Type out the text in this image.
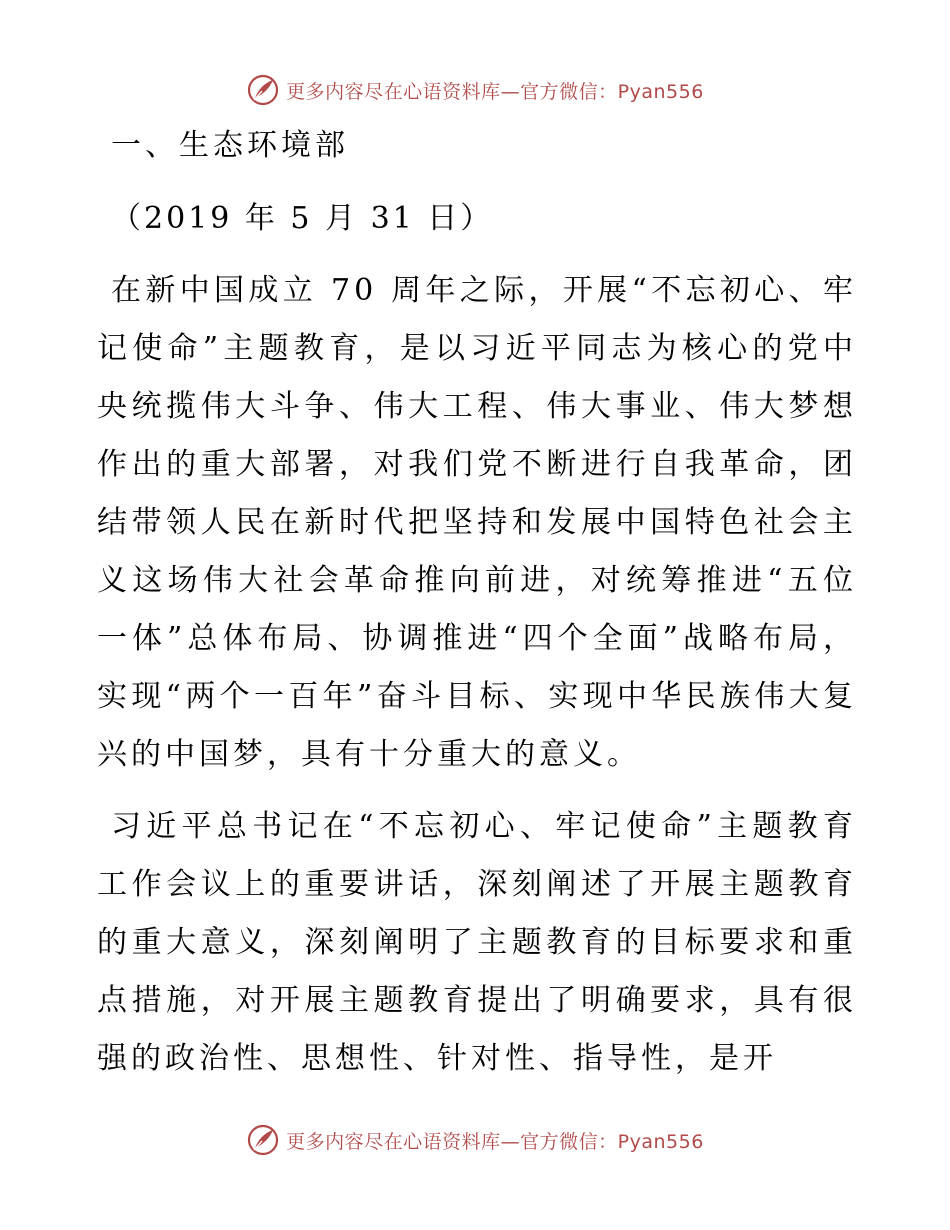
更多内容尽在心语资料库—官方微信：Pyan556
一、生态环境部
（2019 年 5 月 31 日）

在新中国成立 70 周年之际，开展“不忘初心、牢记使命”主题教育，是以习近平同志为核心的党中央统揽伟大斗争、伟大工程、伟大事业、伟大梦想作出的重大部署，对我们党不断进行自我革命，团结带领人民在新时代把坚持和发展中国特色社会主义这场伟大社会革命推向前进，对统筹推进“五位一体”总体布局、协调推进“四个全面”战略布局，实现“两个一百年”奋斗目标、实现中华民族伟大复兴的中国梦，具有十分重大的意义。

习近平总书记在“不忘初心、牢记使命”主题教育工作会议上的重要讲话，深刻阐述了开展主题教育的重大意义，深刻阐明了主题教育的目标要求和重点措施，对开展主题教育提出了明确要求，具有很强的政治性、思想性、针对性、指导性，是开

更多内容尽在心语资料库—官方微信：Pyan556
